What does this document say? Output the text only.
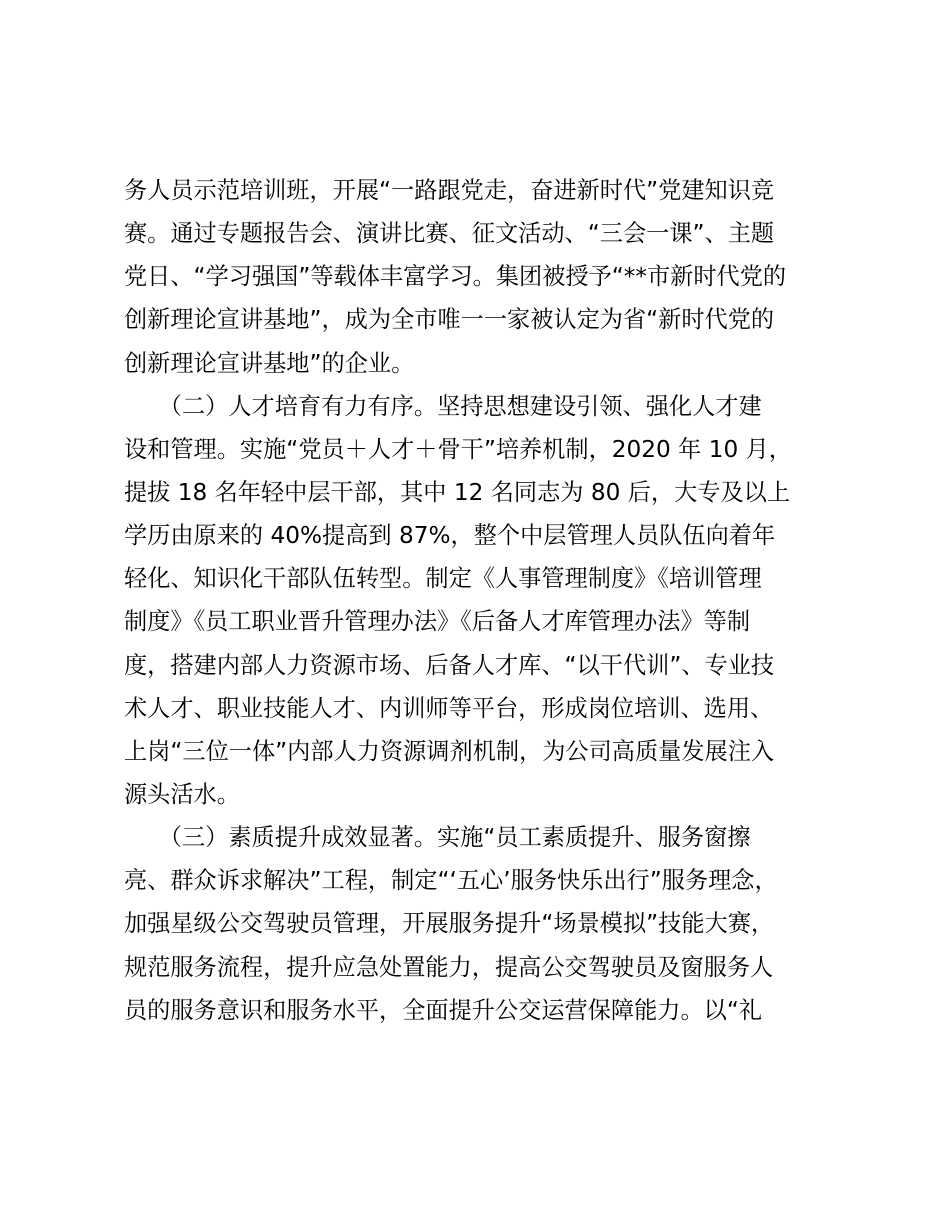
务人员示范培训班，开展“一路跟党走，奋进新时代”党建知识竞
赛。通过专题报告会、演讲比赛、征文活动、“三会一课”、主题
党日、“学习强国”等载体丰富学习。集团被授予“**市新时代党的
创新理论宣讲基地”，成为全市唯一一家被认定为省“新时代党的
创新理论宣讲基地”的企业。
　　（二）人才培育有力有序。坚持思想建设引领、强化人才建
设和管理。实施“党员＋人才＋骨干”培养机制，2020 年 10 月，
提拔 18 名年轻中层干部，其中 12 名同志为 80 后，大专及以上
学历由原来的 40%提高到 87%，整个中层管理人员队伍向着年
轻化、知识化干部队伍转型。制定《人事管理制度》《培训管理
制度》《员工职业晋升管理办法》《后备人才库管理办法》等制
度，搭建内部人力资源市场、后备人才库、“以干代训”、专业技
术人才、职业技能人才、内训师等平台，形成岗位培训、选用、
上岗“三位一体”内部人力资源调剂机制，为公司高质量发展注入
源头活水。
　　（三）素质提升成效显著。实施“员工素质提升、服务窗擦
亮、群众诉求解决”工程，制定“‘五心’服务快乐出行”服务理念，
加强星级公交驾驶员管理，开展服务提升“场景模拟”技能大赛，
规范服务流程，提升应急处置能力，提高公交驾驶员及窗服务人
员的服务意识和服务水平，全面提升公交运营保障能力。以“礼
